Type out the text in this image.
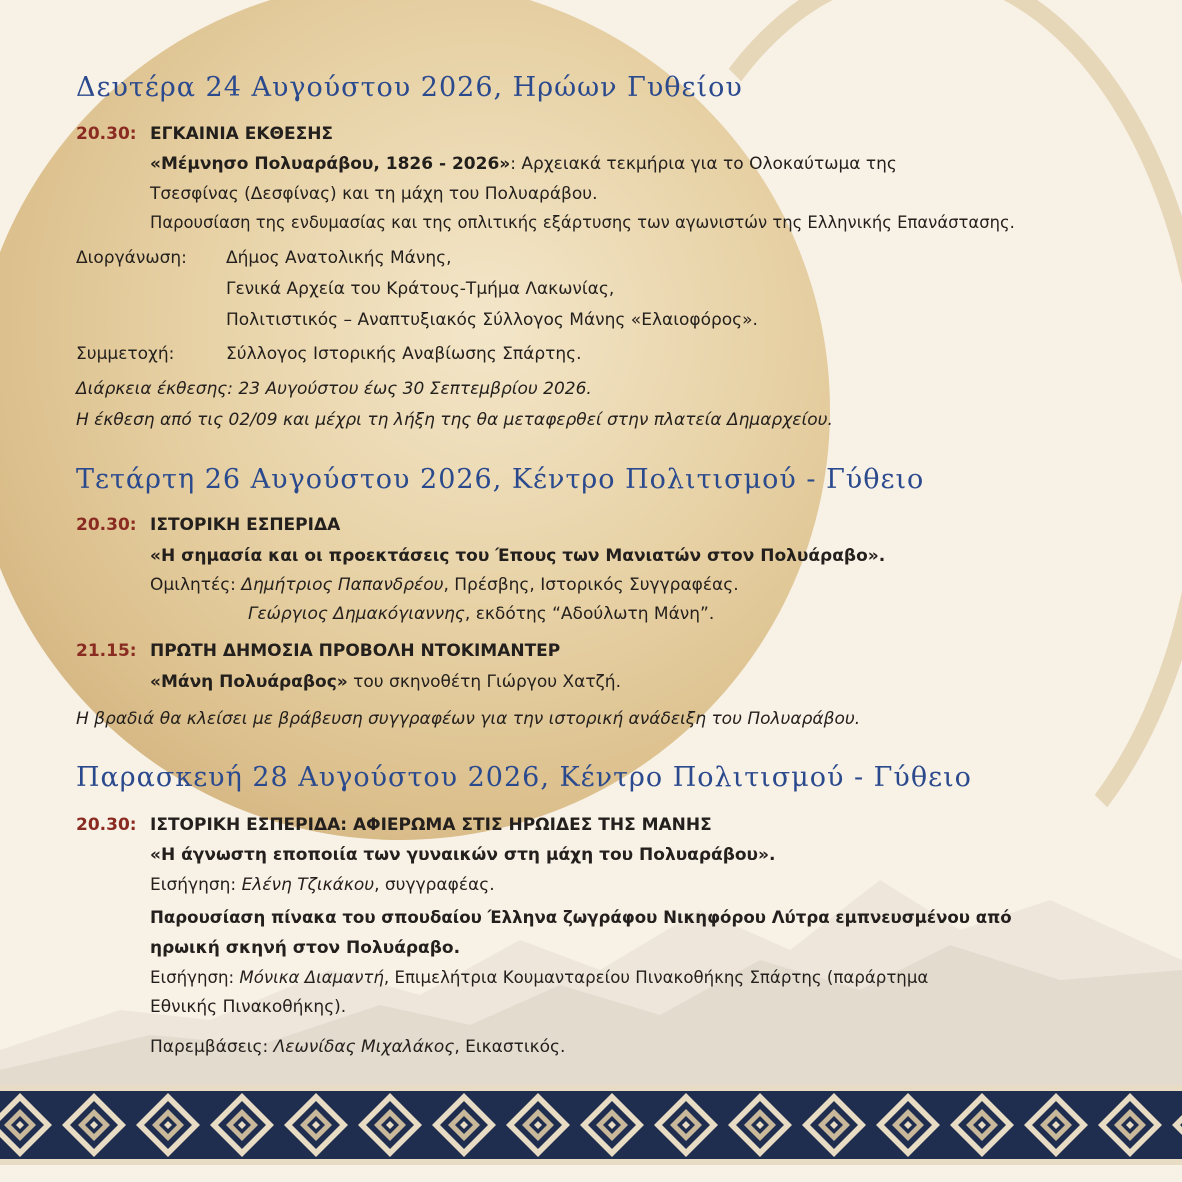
Δευτέρα 24 Αυγούστου 2026, Ηρώων Γυθείου
20.30: ΕΓΚΑΙΝΙΑ ΕΚΘΕΣΗΣ
«Μέμνησο Πολυαράβου, 1826 - 2026»: Αρχειακά τεκμήρια για το Ολοκαύτωμα της
Τσεσφίνας (Δεσφίνας) και τη μάχη του Πολυαράβου.
Παρουσίαση της ενδυμασίας και της οπλιτικής εξάρτυσης των αγωνιστών της Ελληνικής Επανάστασης.
Διοργάνωση: Δήμος Ανατολικής Μάνης,
Γενικά Αρχεία του Κράτους-Τμήμα Λακωνίας,
Πολιτιστικός – Αναπτυξιακός Σύλλογος Μάνης «Ελαιοφόρος».
Συμμετοχή:	Σύλλογος Ιστορικής Αναβίωσης Σπάρτης.
Διάρκεια έκθεσης: 23 Αυγούστου έως 30 Σεπτεμβρίου 2026.
Η έκθεση από τις 02/09 και μέχρι τη λήξη της θα μεταφερθεί στην πλατεία Δημαρχείου.
Τετάρτη 26 Αυγούστου 2026, Κέντρο Πολιτισμού - Γύθειο
20.30: ΙΣΤΟΡΙΚΗ ΕΣΠΕΡΙΔΑ
«Η σημασία και οι προεκτάσεις του Έπους των Μανιατών στον Πολυάραβο».
Ομιλητές: Δημήτριος Παπανδρέου, Πρέσβης, Ιστορικός Συγγραφέας.
Γεώργιος Δημακόγιαννης, εκδότης “Αδούλωτη Μάνη”.
21.15: ΠΡΩΤΗ ΔΗΜΟΣΙΑ ΠΡΟΒΟΛΗ ΝΤΟΚΙΜΑΝΤΕΡ
«Μάνη Πολυάραβος» του σκηνοθέτη Γιώργου Χατζή.
Η βραδιά θα κλείσει με βράβευση συγγραφέων για την ιστορική ανάδειξη του Πολυαράβου.
Παρασκευή 28 Αυγούστου 2026, Κέντρο Πολιτισμού - Γύθειο
20.30: ΙΣΤΟΡΙΚΗ ΕΣΠΕΡΙΔΑ: ΑΦΙΕΡΩΜΑ ΣΤΙΣ ΗΡΩΙΔΕΣ ΤΗΣ ΜΑΝΗΣ
«Η άγνωστη εποποιία των γυναικών στη μάχη του Πολυαράβου».
Εισήγηση: Ελένη Τζικάκου, συγγραφέας.
Παρουσίαση πίνακα του σπουδαίου Έλληνα ζωγράφου Νικηφόρου Λύτρα εμπνευσμένου από
ηρωική σκηνή στον Πολυάραβο.
Εισήγηση: Μόνικα Διαμαντή, Επιμελήτρια Κουμανταρείου Πινακοθήκης Σπάρτης (παράρτημα
Εθνικής Πινακοθήκης).
Παρεμβάσεις: Λεωνίδας Μιχαλάκος, Εικαστικός.
